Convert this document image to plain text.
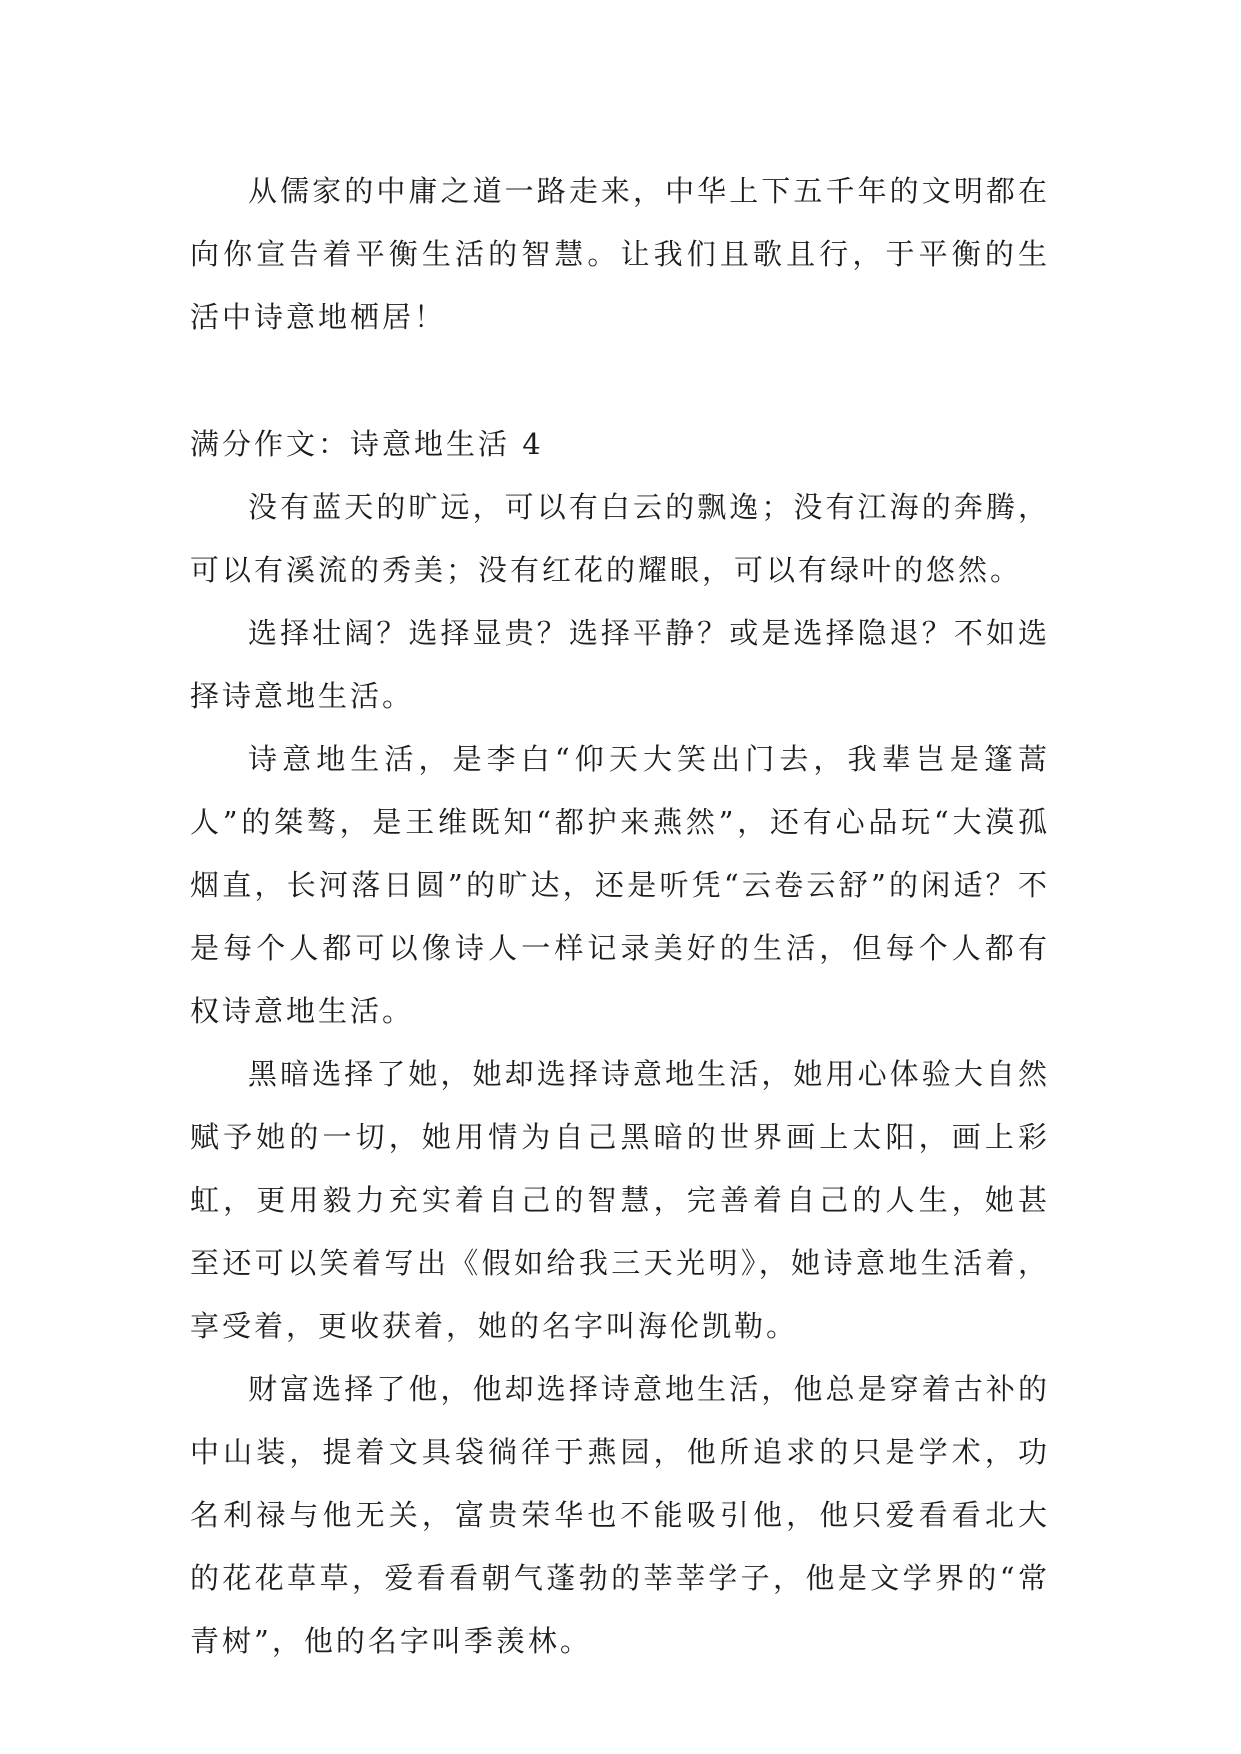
从儒家的中庸之道一路走来，中华上下五千年的文明都在向你宣告着平衡生活的智慧。让我们且歌且行，于平衡的生活中诗意地栖居！

满分作文：诗意地生活 4

没有蓝天的旷远，可以有白云的飘逸；没有江海的奔腾，可以有溪流的秀美；没有红花的耀眼，可以有绿叶的悠然。

选择壮阔？选择显贵？选择平静？或是选择隐退？不如选择诗意地生活。

诗意地生活，是李白“仰天大笑出门去，我辈岂是篷蒿人”的桀骜，是王维既知“都护来燕然”，还有心品玩“大漠孤烟直，长河落日圆”的旷达，还是听凭“云卷云舒”的闲适？不是每个人都可以像诗人一样记录美好的生活，但每个人都有权诗意地生活。

黑暗选择了她，她却选择诗意地生活，她用心体验大自然赋予她的一切，她用情为自己黑暗的世界画上太阳，画上彩虹，更用毅力充实着自己的智慧，完善着自己的人生，她甚至还可以笑着写出《假如给我三天光明》，她诗意地生活着，享受着，更收获着，她的名字叫海伦凯勒。

财富选择了他，他却选择诗意地生活，他总是穿着古补的中山装，提着文具袋徜徉于燕园，他所追求的只是学术，功名利禄与他无关，富贵荣华也不能吸引他，他只爱看看北大的花花草草，爱看看朝气蓬勃的莘莘学子，他是文学界的“常青树”，他的名字叫季羡林。
